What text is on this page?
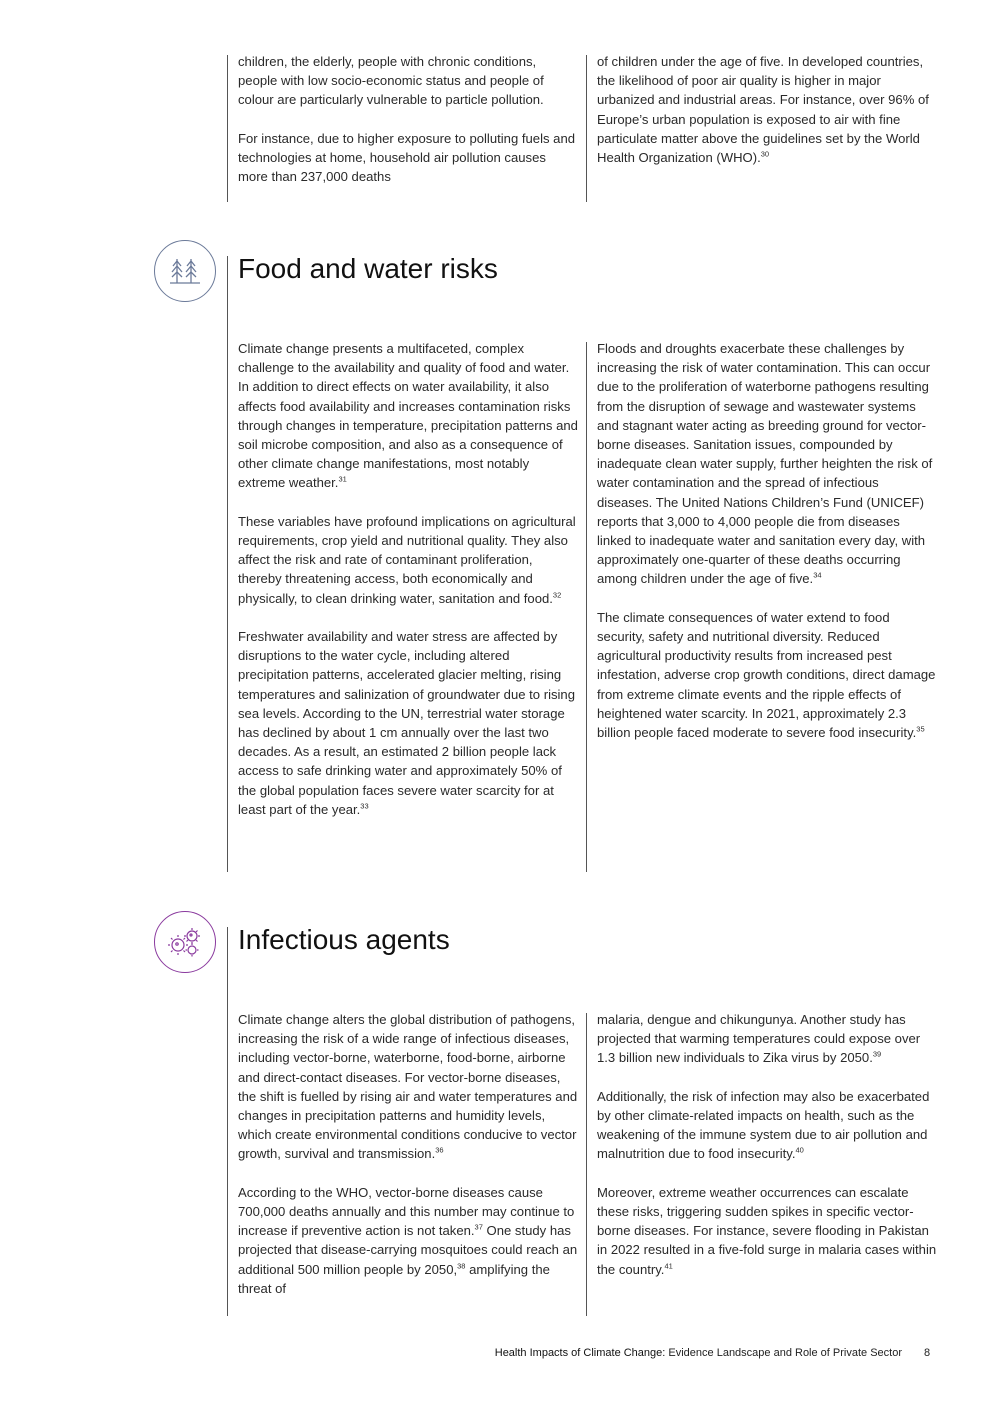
children, the elderly, people with chronic conditions, people with low socio-economic status and people of colour are particularly vulnerable to particle pollution.

For instance, due to higher exposure to polluting fuels and technologies at home, household air pollution causes more than 237,000 deaths

of children under the age of five. In developed countries, the likelihood of poor air quality is higher in major urbanized and industrial areas. For instance, over 96% of Europe’s urban population is exposed to air with fine particulate matter above the guidelines set by the World Health Organization (WHO).$^{30}$

Food and water risks

Climate change presents a multifaceted, complex challenge to the availability and quality of food and water. In addition to direct effects on water availability, it also affects food availability and increases contamination risks through changes in temperature, precipitation patterns and soil microbe composition, and also as a consequence of other climate change manifestations, most notably extreme weather.$^{31}$

These variables have profound implications on agricultural requirements, crop yield and nutritional quality. They also affect the risk and rate of contaminant proliferation, thereby threatening access, both economically and physically, to clean drinking water, sanitation and food.$^{32}$

Freshwater availability and water stress are affected by disruptions to the water cycle, including altered precipitation patterns, accelerated glacier melting, rising temperatures and salinization of groundwater due to rising sea levels. According to the UN, terrestrial water storage has declined by about 1 cm annually over the last two decades. As a result, an estimated 2 billion people lack access to safe drinking water and approximately 50% of the global population faces severe water scarcity for at least part of the year.$^{33}$

Floods and droughts exacerbate these challenges by increasing the risk of water contamination. This can occur due to the proliferation of waterborne pathogens resulting from the disruption of sewage and wastewater systems and stagnant water acting as breeding ground for vector-borne diseases. Sanitation issues, compounded by inadequate clean water supply, further heighten the risk of water contamination and the spread of infectious diseases. The United Nations Children’s Fund (UNICEF) reports that 3,000 to 4,000 people die from diseases linked to inadequate water and sanitation every day, with approximately one-quarter of these deaths occurring among children under the age of five.$^{34}$

The climate consequences of water extend to food security, safety and nutritional diversity. Reduced agricultural productivity results from increased pest infestation, adverse crop growth conditions, direct damage from extreme climate events and the ripple effects of heightened water scarcity. In 2021, approximately 2.3 billion people faced moderate to severe food insecurity.$^{35}$

Infectious agents

Climate change alters the global distribution of pathogens, increasing the risk of a wide range of infectious diseases, including vector-borne, waterborne, food-borne, airborne and direct-contact diseases. For vector-borne diseases, the shift is fuelled by rising air and water temperatures and changes in precipitation patterns and humidity levels, which create environmental conditions conducive to vector growth, survival and transmission.$^{36}$

According to the WHO, vector-borne diseases cause 700,000 deaths annually and this number may continue to increase if preventive action is not taken.$^{37}$ One study has projected that disease-carrying mosquitoes could reach an additional 500 million people by 2050,38 amplifying the threat of

malaria, dengue and chikungunya. Another study has projected that warming temperatures could expose over 1.3 billion new individuals to Zika virus by 2050.39

Additionally, the risk of infection may also be exacerbated by other climate-related impacts on health, such as the weakening of the immune system due to air pollution and malnutrition due to food insecurity.$^{40}$

Moreover, extreme weather occurrences can escalate these risks, triggering sudden spikes in specific vector-borne diseases. For instance, severe flooding in Pakistan in 2022 resulted in a five-fold surge in malaria cases within the country.$^{41}$

Health Impacts of Climate Change: Evidence Landscape and Role of Private Sector 8
